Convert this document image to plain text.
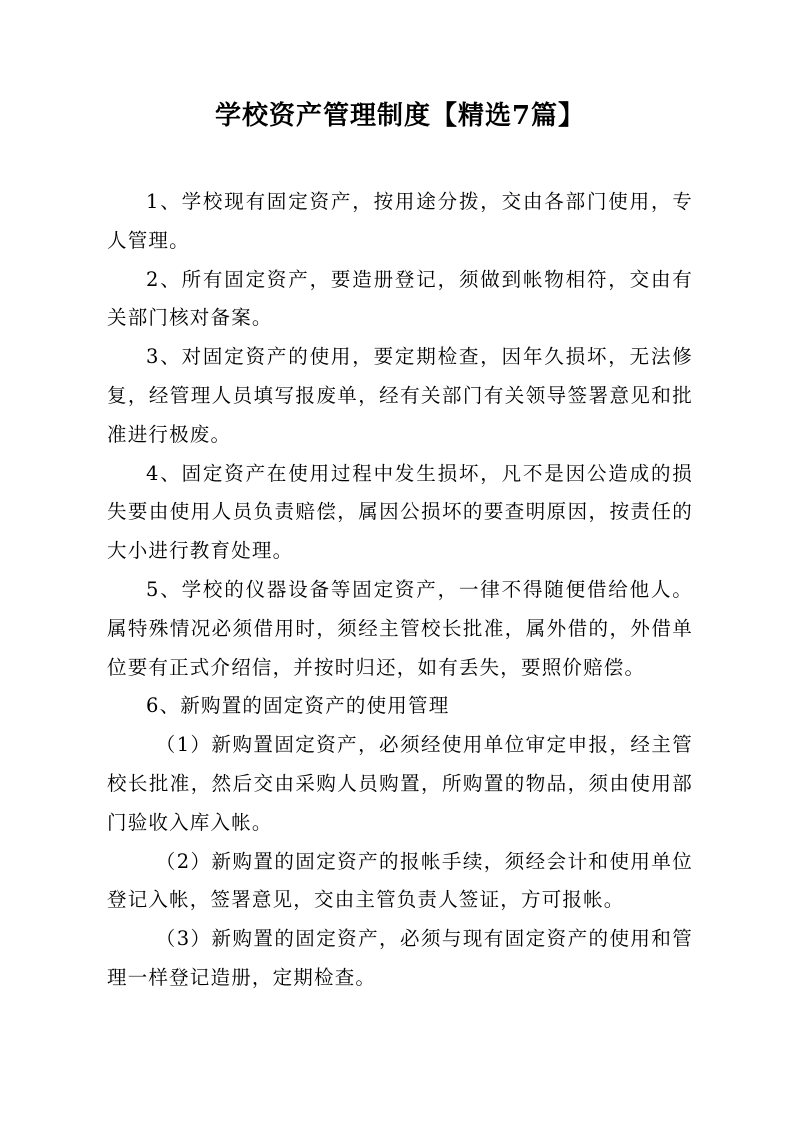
学校资产管理制度【精选7篇】

1、学校现有固定资产，按用途分拨，交由各部门使用，专人管理。

2、所有固定资产，要造册登记，须做到帐物相符，交由有关部门核对备案。

3、对固定资产的使用，要定期检查，因年久损坏，无法修复，经管理人员填写报废单，经有关部门有关领导签署意见和批准进行极废。

4、固定资产在使用过程中发生损坏，凡不是因公造成的损失要由使用人员负责赔偿，属因公损坏的要查明原因，按责任的大小进行教育处理。

5、学校的仪器设备等固定资产，一律不得随便借给他人。属特殊情况必须借用时，须经主管校长批准，属外借的，外借单位要有正式介绍信，并按时归还，如有丢失，要照价赔偿。

6、新购置的固定资产的使用管理

（1）新购置固定资产，必须经使用单位审定申报，经主管校长批准，然后交由采购人员购置，所购置的物品，须由使用部门验收入库入帐。

（2）新购置的固定资产的报帐手续，须经会计和使用单位登记入帐，签署意见，交由主管负责人签证，方可报帐。

（3）新购置的固定资产，必须与现有固定资产的使用和管理一样登记造册，定期检查。
